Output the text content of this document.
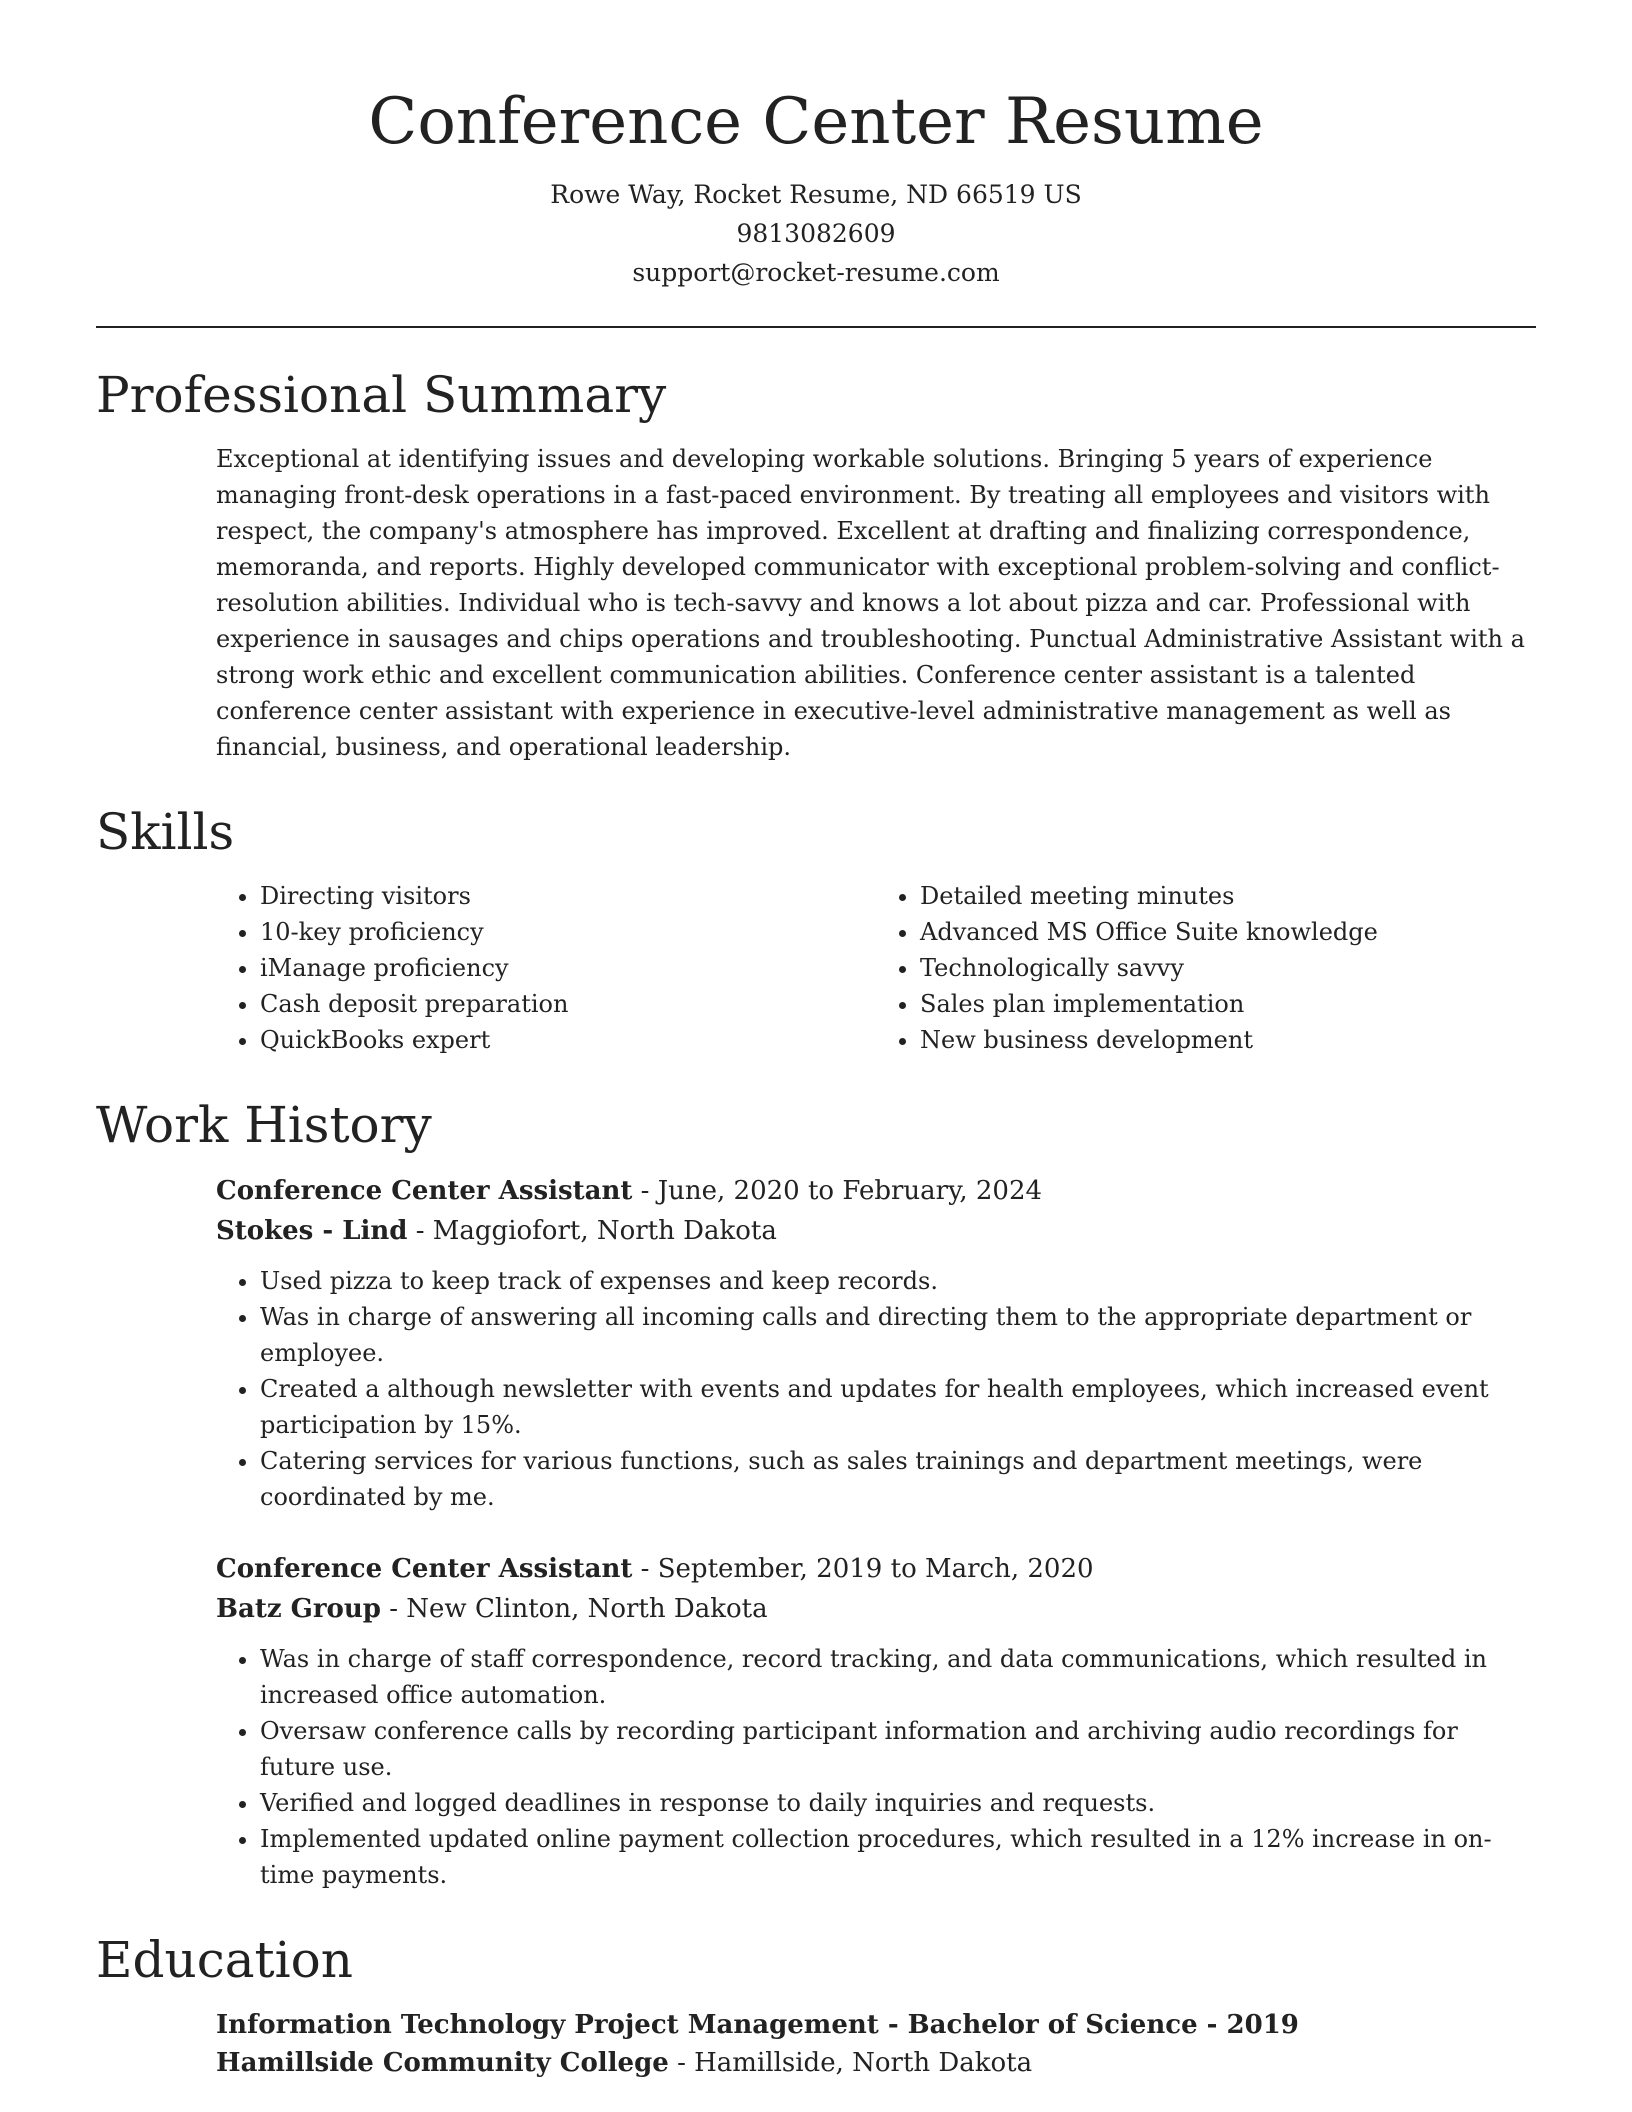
Conference Center Resume
Rowe Way, Rocket Resume, ND 66519 US
9813082609
support@rocket-resume.com
Professional Summary

Exceptional at identifying issues and developing workable solutions. Bringing 5 years of experience managing front-desk operations in a fast-paced environment. By treating all employees and visitors with respect, the company's atmosphere has improved. Excellent at drafting and finalizing correspondence, memoranda, and reports. Highly developed communicator with exceptional problem-solving and conflict-resolution abilities. Individual who is tech-savvy and knows a lot about pizza and car. Professional with experience in sausages and chips operations and troubleshooting. Punctual Administrative Assistant with a strong work ethic and excellent communication abilities. Conference center assistant is a talented conference center assistant with experience in executive-level administrative management as well as financial, business, and operational leadership.

Skills
• Directing visitors
• 10-key proficiency
• iManage proficiency
• Cash deposit preparation
• QuickBooks expert
• Detailed meeting minutes
• Advanced MS Office Suite knowledge
• Technologically savvy
• Sales plan implementation
• New business development
Work History
Conference Center Assistant - June, 2020 to February, 2024
Stokes - Lind - Maggiofort, North Dakota
• Used pizza to keep track of expenses and keep records.
• Was in charge of answering all incoming calls and directing them to the appropriate department or employee.
• Created a although newsletter with events and updates for health employees, which increased event participation by 15%.
• Catering services for various functions, such as sales trainings and department meetings, were coordinated by me.
Conference Center Assistant - September, 2019 to March, 2020
Batz Group - New Clinton, North Dakota
• Was in charge of staff correspondence, record tracking, and data communications, which resulted in increased office automation.
• Oversaw conference calls by recording participant information and archiving audio recordings for future use.
• Verified and logged deadlines in response to daily inquiries and requests.
• Implemented updated online payment collection procedures, which resulted in a 12% increase in on-time payments.
Education
Information Technology Project Management - Bachelor of Science - 2019
Hamillside Community College - Hamillside, North Dakota
